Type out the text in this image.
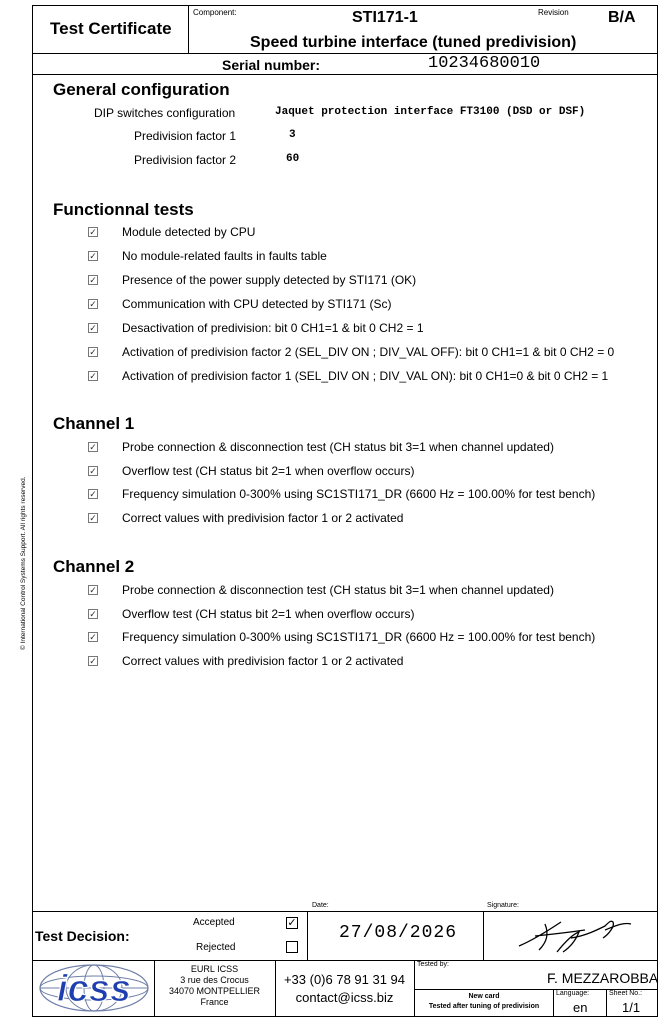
© International Control Systems Support. All rights reserved.
Test Certificate
Component:	STI171-1	Revision B/A
Speed turbine interface (tuned predivision)
Serial number:	10234680010
General configuration
DIP switches configuration	Jaquet protection interface FT3100 (DSD or DSF)
Predivision factor 1	3
Predivision factor 2	60
Functionnal tests
✓ Module detected by CPU
✓ No module-related faults in faults table
✓ Presence of the power supply detected by STI171 (OK)
✓ Communication with CPU detected by STI171 (Sc)
✓ Desactivation of predivision: bit 0 CH1=1 & bit 0 CH2 = 1
✓ Activation of predivision factor 2 (SEL_DIV ON ; DIV_VAL OFF): bit 0 CH1=1 & bit 0 CH2 = 0
✓ Activation of predivision factor 1 (SEL_DIV ON ; DIV_VAL ON): bit 0 CH1=0 & bit 0 CH2 = 1
Channel 1
✓ Probe connection & disconnection test (CH status bit 3=1 when channel updated)
✓ Overflow test (CH status bit 2=1 when overflow occurs)
✓ Frequency simulation 0-300% using SC1STI171_DR (6600 Hz = 100.00% for test bench)
✓ Correct values with predivision factor 1 or 2 activated
Channel 2
✓ Probe connection & disconnection test (CH status bit 3=1 when channel updated)
✓ Overflow test (CH status bit 2=1 when overflow occurs)
✓ Frequency simulation 0-300% using SC1STI171_DR (6600 Hz = 100.00% for test bench)
✓ Correct values with predivision factor 1 or 2 activated
Date:	Signature:
Test Decision:
Accepted
Rejected
✓ 27/08/2026
icss	EURL ICSS
3 rue des Crocus
34070 MONTPELLIER
France
+33 (0)6 78 91 31 94
contact@icss.biz
Tested by:
F. MEZZAROBBA
New card
Tested after tuning of predivision
Language:
en
Sheet No.:
1/1
